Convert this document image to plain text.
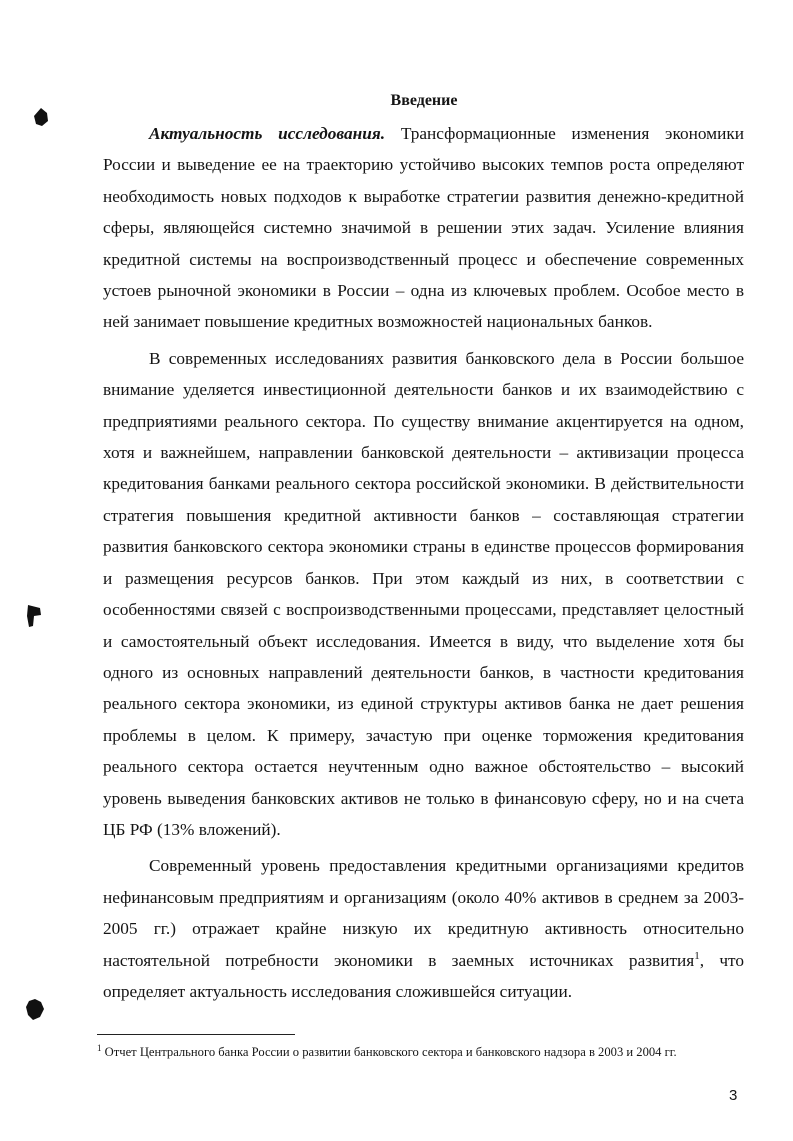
Введение

Актуальность исследования. Трансформационные изменения экономики России и выведение ее на траекторию устойчиво высоких темпов роста определяют необходимость новых подходов к выработке стратегии развития денежно-кредитной сферы, являющейся системно значимой в решении этих задач. Усиление влияния кредитной системы на воспроизводственный процесс и обеспечение современных устоев рыночной экономики в России – одна из ключевых проблем. Особое место в ней занимает повышение кредитных возможностей национальных банков.

В современных исследованиях развития банковского дела в России большое внимание уделяется инвестиционной деятельности банков и их взаимодействию с предприятиями реального сектора. По существу внимание акцентируется на одном, хотя и важнейшем, направлении банковской деятельности – активизации процесса кредитования банками реального сектора российской экономики. В действительности стратегия повышения кредитной активности банков – составляющая стратегии развития банковского сектора экономики страны в единстве процессов формирования и размещения ресурсов банков. При этом каждый из них, в соответствии с особенностями связей с воспроизводственными процессами, представляет целостный и самостоятельный объект исследования. Имеется в виду, что выделение хотя бы одного из основных направлений деятельности банков, в частности кредитования реального сектора экономики, из единой структуры активов банка не дает решения проблемы в целом. К примеру, зачастую при оценке торможения кредитования реального сектора остается неучтенным одно важное обстоятельство – высокий уровень выведения банковских активов не только в финансовую сферу, но и на счета ЦБ РФ (13% вложений).

Современный уровень предоставления кредитными организациями кредитов нефинансовым предприятиям и организациям (около 40% активов в среднем за 2003-2005 гг.) отражает крайне низкую их кредитную активность относительно настоятельной потребности экономики в заемных источниках развития$^1$, что определяет актуальность исследования сложившейся ситуации.

$^1$ Отчет Центрального банка России о развитии банковского сектора и банковского надзора в 2003 и 2004 гг.
3
